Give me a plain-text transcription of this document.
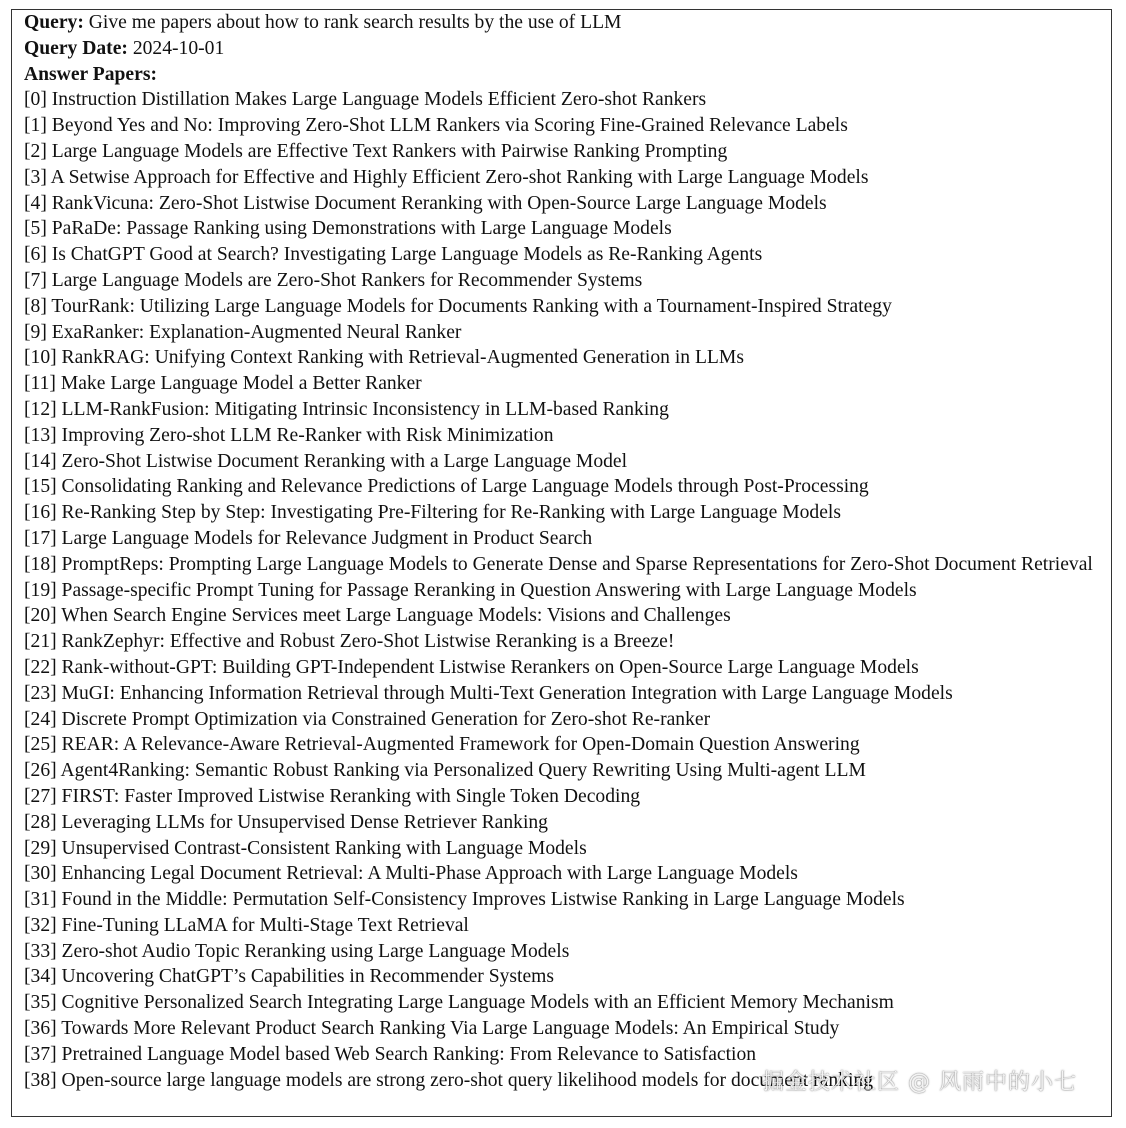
Query: Give me papers about how to rank search results by the use of LLM
Query Date: 2024-10-01
Answer Papers:
[0] Instruction Distillation Makes Large Language Models Efficient Zero-shot Rankers
[1] Beyond Yes and No: Improving Zero-Shot LLM Rankers via Scoring Fine-Grained Relevance Labels
[2] Large Language Models are Effective Text Rankers with Pairwise Ranking Prompting
[3] A Setwise Approach for Effective and Highly Efficient Zero-shot Ranking with Large Language Models
[4] RankVicuna: Zero-Shot Listwise Document Reranking with Open-Source Large Language Models
[5] PaRaDe: Passage Ranking using Demonstrations with Large Language Models
[6] Is ChatGPT Good at Search? Investigating Large Language Models as Re-Ranking Agents
[7] Large Language Models are Zero-Shot Rankers for Recommender Systems
[8] TourRank: Utilizing Large Language Models for Documents Ranking with a Tournament-Inspired Strategy
[9] ExaRanker: Explanation-Augmented Neural Ranker
[10] RankRAG: Unifying Context Ranking with Retrieval-Augmented Generation in LLMs
[11] Make Large Language Model a Better Ranker
[12] LLM-RankFusion: Mitigating Intrinsic Inconsistency in LLM-based Ranking
[13] Improving Zero-shot LLM Re-Ranker with Risk Minimization
[14] Zero-Shot Listwise Document Reranking with a Large Language Model
[15] Consolidating Ranking and Relevance Predictions of Large Language Models through Post-Processing
[16] Re-Ranking Step by Step: Investigating Pre-Filtering for Re-Ranking with Large Language Models
[17] Large Language Models for Relevance Judgment in Product Search
[18] PromptReps: Prompting Large Language Models to Generate Dense and Sparse Representations for Zero-Shot Document Retrieval
[19] Passage-specific Prompt Tuning for Passage Reranking in Question Answering with Large Language Models
[20] When Search Engine Services meet Large Language Models: Visions and Challenges
[21] RankZephyr: Effective and Robust Zero-Shot Listwise Reranking is a Breeze!
[22] Rank-without-GPT: Building GPT-Independent Listwise Rerankers on Open-Source Large Language Models
[23] MuGI: Enhancing Information Retrieval through Multi-Text Generation Integration with Large Language Models
[24] Discrete Prompt Optimization via Constrained Generation for Zero-shot Re-ranker
[25] REAR: A Relevance-Aware Retrieval-Augmented Framework for Open-Domain Question Answering
[26] Agent4Ranking: Semantic Robust Ranking via Personalized Query Rewriting Using Multi-agent LLM
[27] FIRST: Faster Improved Listwise Reranking with Single Token Decoding
[28] Leveraging LLMs for Unsupervised Dense Retriever Ranking
[29] Unsupervised Contrast-Consistent Ranking with Language Models
[30] Enhancing Legal Document Retrieval: A Multi-Phase Approach with Large Language Models
[31] Found in the Middle: Permutation Self-Consistency Improves Listwise Ranking in Large Language Models
[32] Fine-Tuning LLaMA for Multi-Stage Text Retrieval
[33] Zero-shot Audio Topic Reranking using Large Language Models
[34] Uncovering ChatGPT’s Capabilities in Recommender Systems
[35] Cognitive Personalized Search Integrating Large Language Models with an Efficient Memory Mechanism
[36] Towards More Relevant Product Search Ranking Via Large Language Models: An Empirical Study
[37] Pretrained Language Model based Web Search Ranking: From Relevance to Satisfaction
[38] Open-source large language models are strong zero-shot query likelihood models for document ranking
掘金技术社区 @ 风雨中的小七
